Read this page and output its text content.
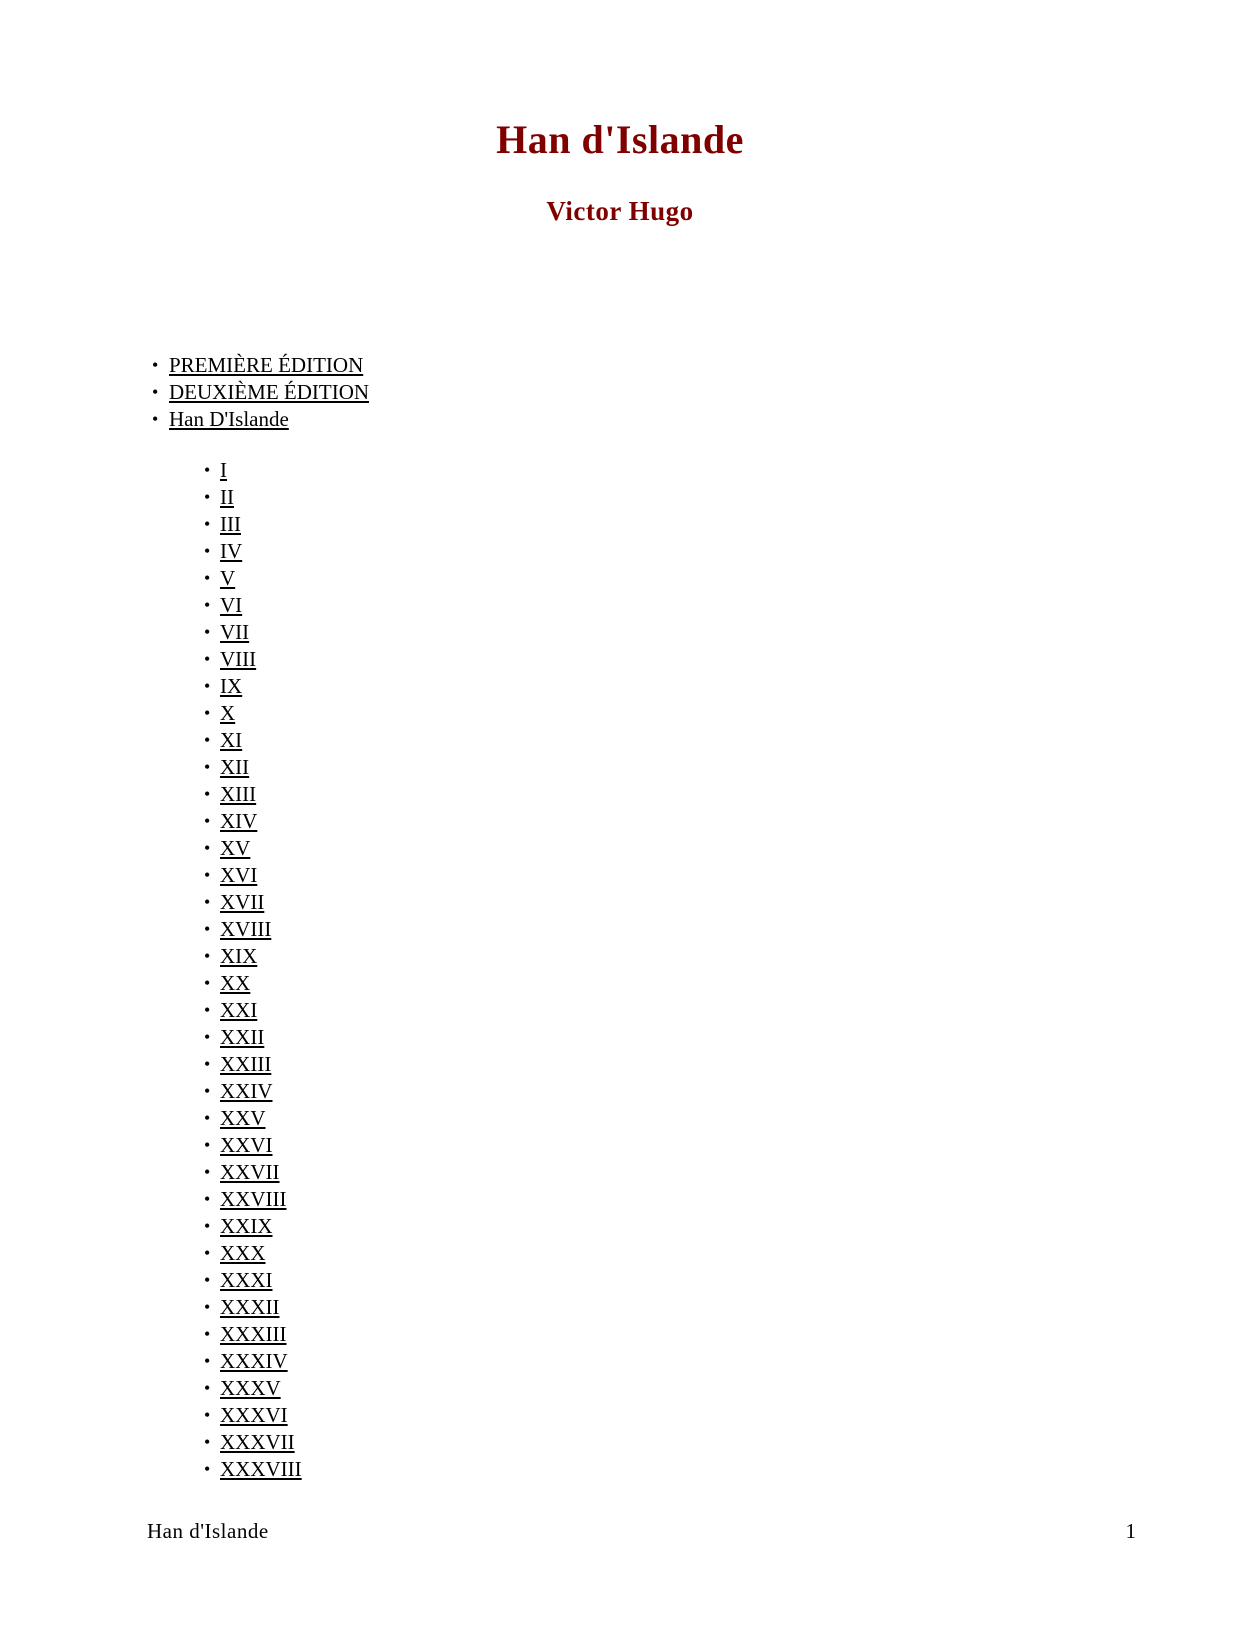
Han d'Islande
Victor Hugo
• PREMIÈRE ÉDITION
• DEUXIÈME ÉDITION
• Han D'Islande
• I
• II
• III
• IV
• V
• VI
• VII
• VIII
• IX
• X
• XI
• XII
• XIII
• XIV
• XV
• XVI
• XVII
• XVIII
• XIX
• XX
• XXI
• XXII
• XXIII
• XXIV
• XXV
• XXVI
• XXVII
• XXVIII
• XXIX
• XXX
• XXXI
• XXXII
• XXXIII
• XXXIV
• XXXV
• XXXVI
• XXXVII
• XXXVIII
Han d'Islande	1
